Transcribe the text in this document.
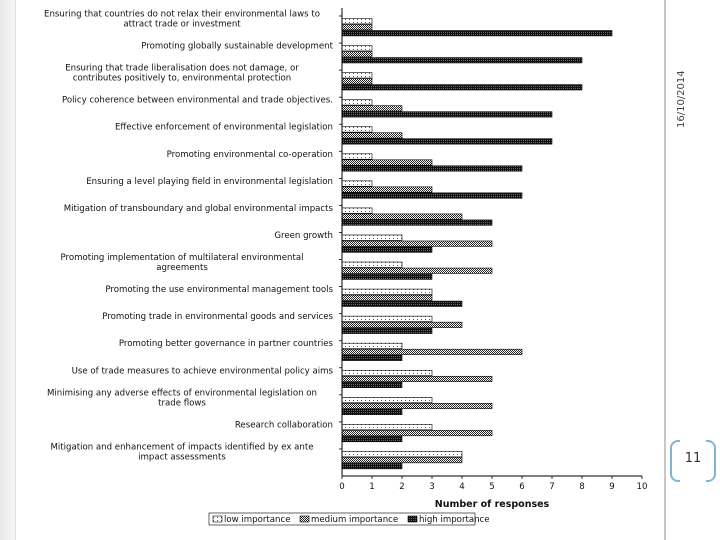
Ensuring that countries do not relax their environmental laws to
attract trade or investment
Promoting globally sustainable development
Ensuring that trade liberalisation does not damage, or
contributes positively to, environmental protection
Policy coherence between environmental and trade objectives.
Effective enforcement of environmental legislation
Promoting environmental co-operation
Ensuring a level playing field in environmental legislation
Mitigation of transboundary and global environmental impacts
Green growth
Promoting implementation of multilateral environmental
agreements
Promoting the use environmental management tools
Promoting trade in environmental goods and services
Promoting better governance in partner countries
Use of trade measures to achieve environmental policy aims
Minimising any adverse effects of environmental legislation on
trade flows
Research collaboration
Mitigation and enhancement of impacts identified by ex ante
impact assessments
0	1	2	3	4	5	6	7	8	9	10
Number of responses
low importance medium importance high importance
16/10/2014
11
